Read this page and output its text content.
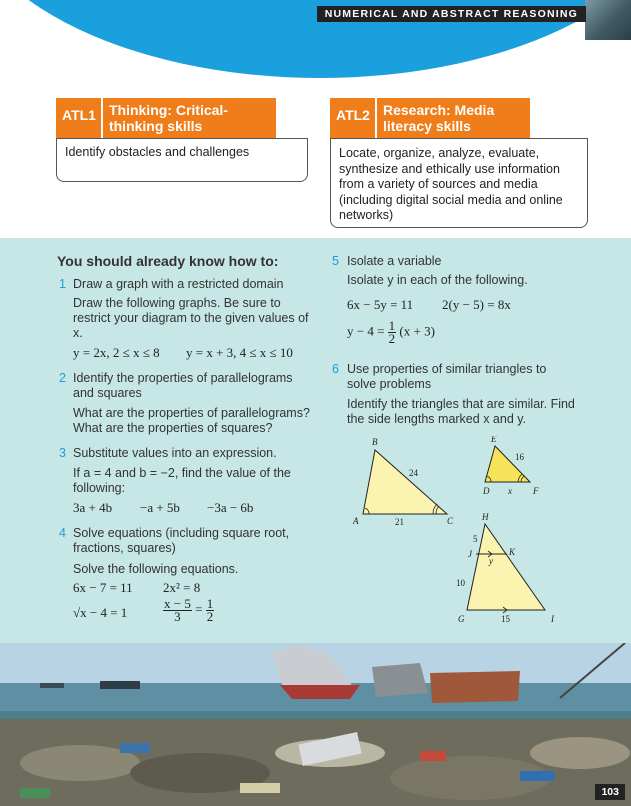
NUMERICAL AND ABSTRACT REASONING
ATL1 Thinking: Critical-thinking skills
Identify obstacles and challenges
ATL2 Research: Media literacy skills
Locate, organize, analyze, evaluate, synthesize and ethically use information from a variety of sources and media (including digital social media and online networks)
You should already know how to:
1 Draw a graph with a restricted domain
Draw the following graphs. Be sure to restrict your diagram to the given values of x.
y = 2x, 2 ≤ x ≤ 8 y = x + 3, 4 ≤ x ≤ 10
2 Identify the properties of parallelograms and squares
What are the properties of parallelograms? What are the properties of squares?
3 Substitute values into an expression.
If a = 4 and b = −2, find the value of the following:
3a + 4b −a + 5b −3a − 6b
4 Solve equations (including square root, fractions, squares)
Solve the following equations.
6x − 7 = 11 2x² = 8
√x − 4 = 1	$\frac{x - 5}{3} = \frac{1}{2}$
5 Isolate a variable
Isolate y in each of the following.
6x − 5y = 11 2(y − 5) = 8x
$y - 4 = \frac{1}{2} (x + 3)$
6 Use properties of similar triangles to solve problems
Identify the triangles that are similar. Find the side lengths marked x and y.
B
A	C
24
21
E
D	F
16
x
H
J	K
G	I
5
y
10
15
103
